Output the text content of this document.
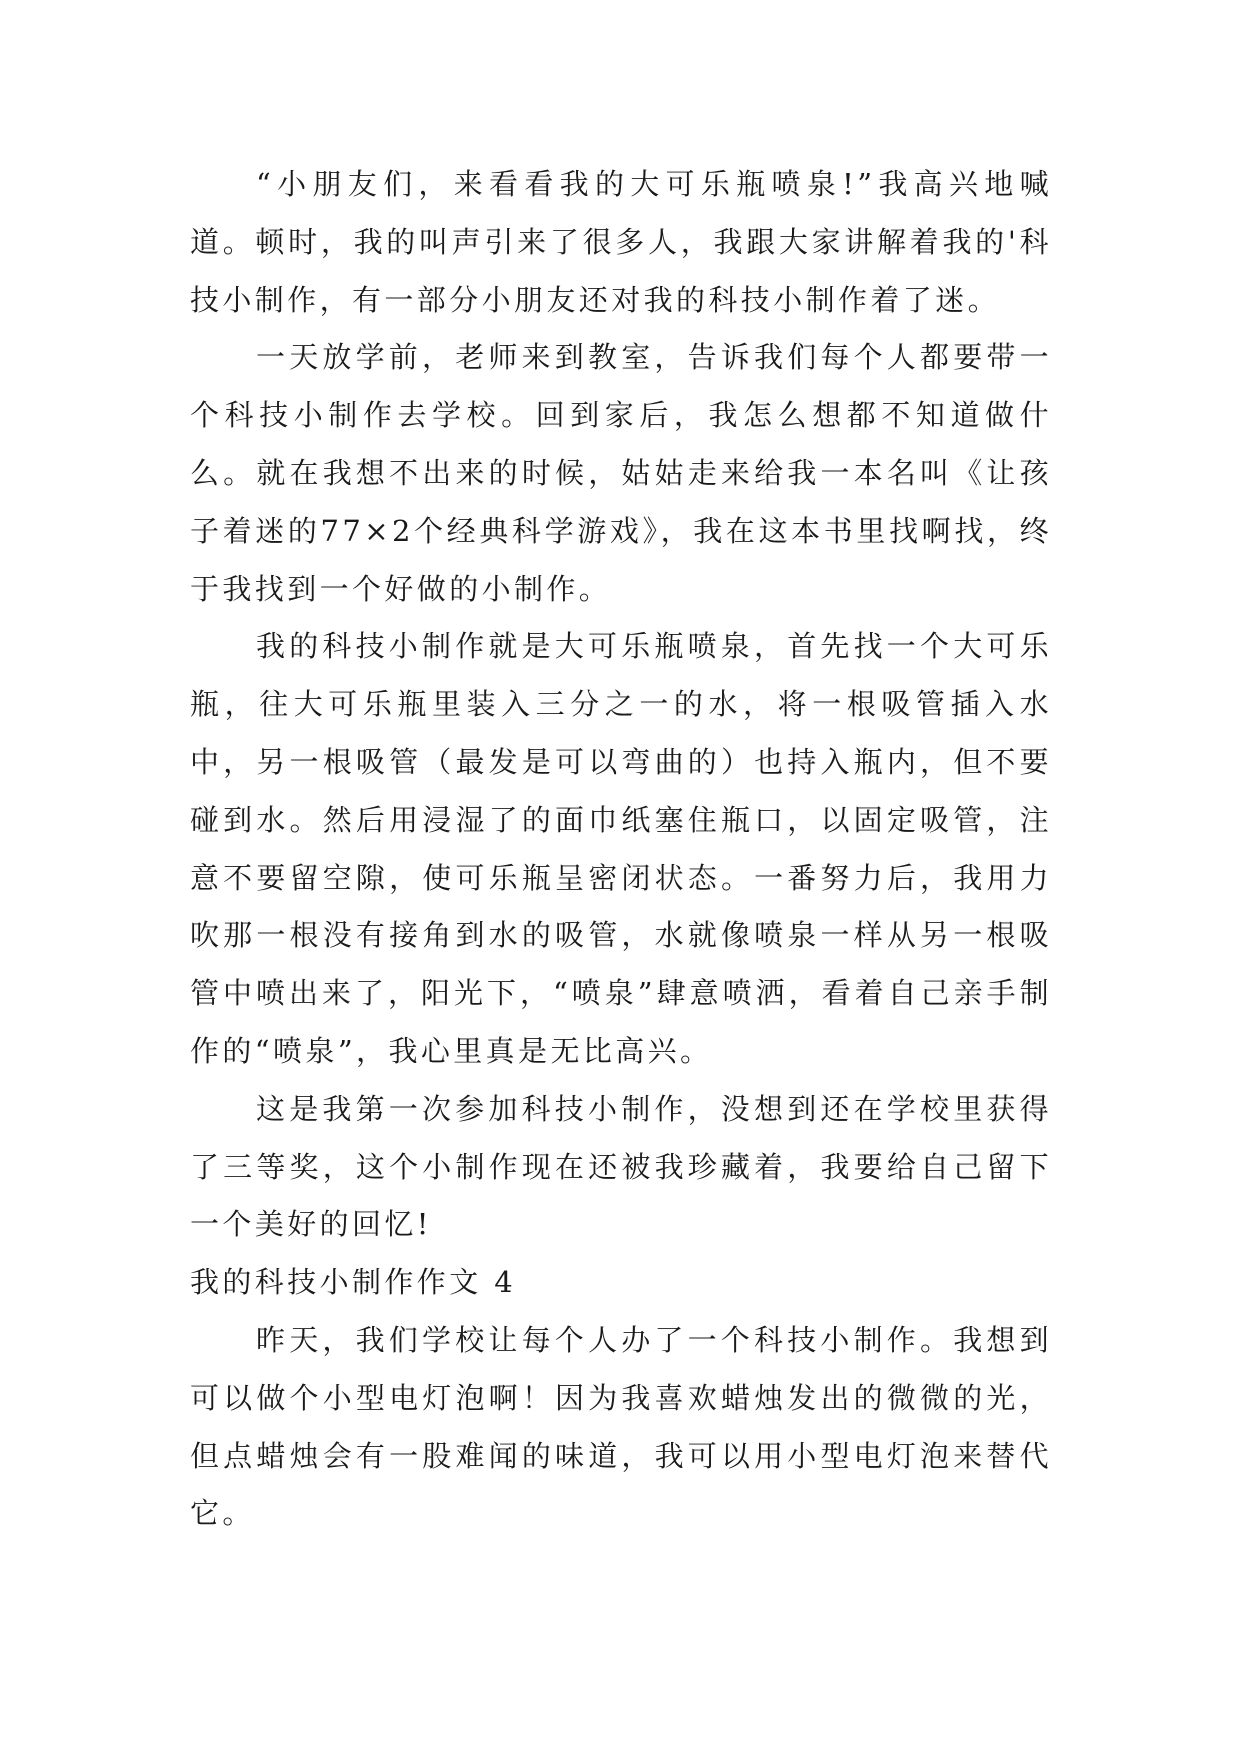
“小朋友们，来看看我的大可乐瓶喷泉!”我高兴地喊道。顿时，我的叫声引来了很多人，我跟大家讲解着我的'科技小制作，有一部分小朋友还对我的科技小制作着了迷。

一天放学前，老师来到教室，告诉我们每个人都要带一个科技小制作去学校。回到家后，我怎么想都不知道做什么。就在我想不出来的时候，姑姑走来给我一本名叫《让孩子着迷的77×2个经典科学游戏》，我在这本书里找啊找，终于我找到一个好做的小制作。

我的科技小制作就是大可乐瓶喷泉，首先找一个大可乐瓶，往大可乐瓶里装入三分之一的水，将一根吸管插入水中，另一根吸管（最发是可以弯曲的）也持入瓶内，但不要碰到水。然后用浸湿了的面巾纸塞住瓶口，以固定吸管，注意不要留空隙，使可乐瓶呈密闭状态。一番努力后，我用力吹那一根没有接角到水的吸管，水就像喷泉一样从另一根吸管中喷出来了，阳光下，“喷泉”肆意喷洒，看着自己亲手制作的“喷泉”，我心里真是无比高兴。

这是我第一次参加科技小制作，没想到还在学校里获得了三等奖，这个小制作现在还被我珍藏着，我要给自己留下一个美好的回忆!

我的科技小制作作文 4

昨天，我们学校让每个人办了一个科技小制作。我想到可以做个小型电灯泡啊！因为我喜欢蜡烛发出的微微的光，但点蜡烛会有一股难闻的味道，我可以用小型电灯泡来替代它。
